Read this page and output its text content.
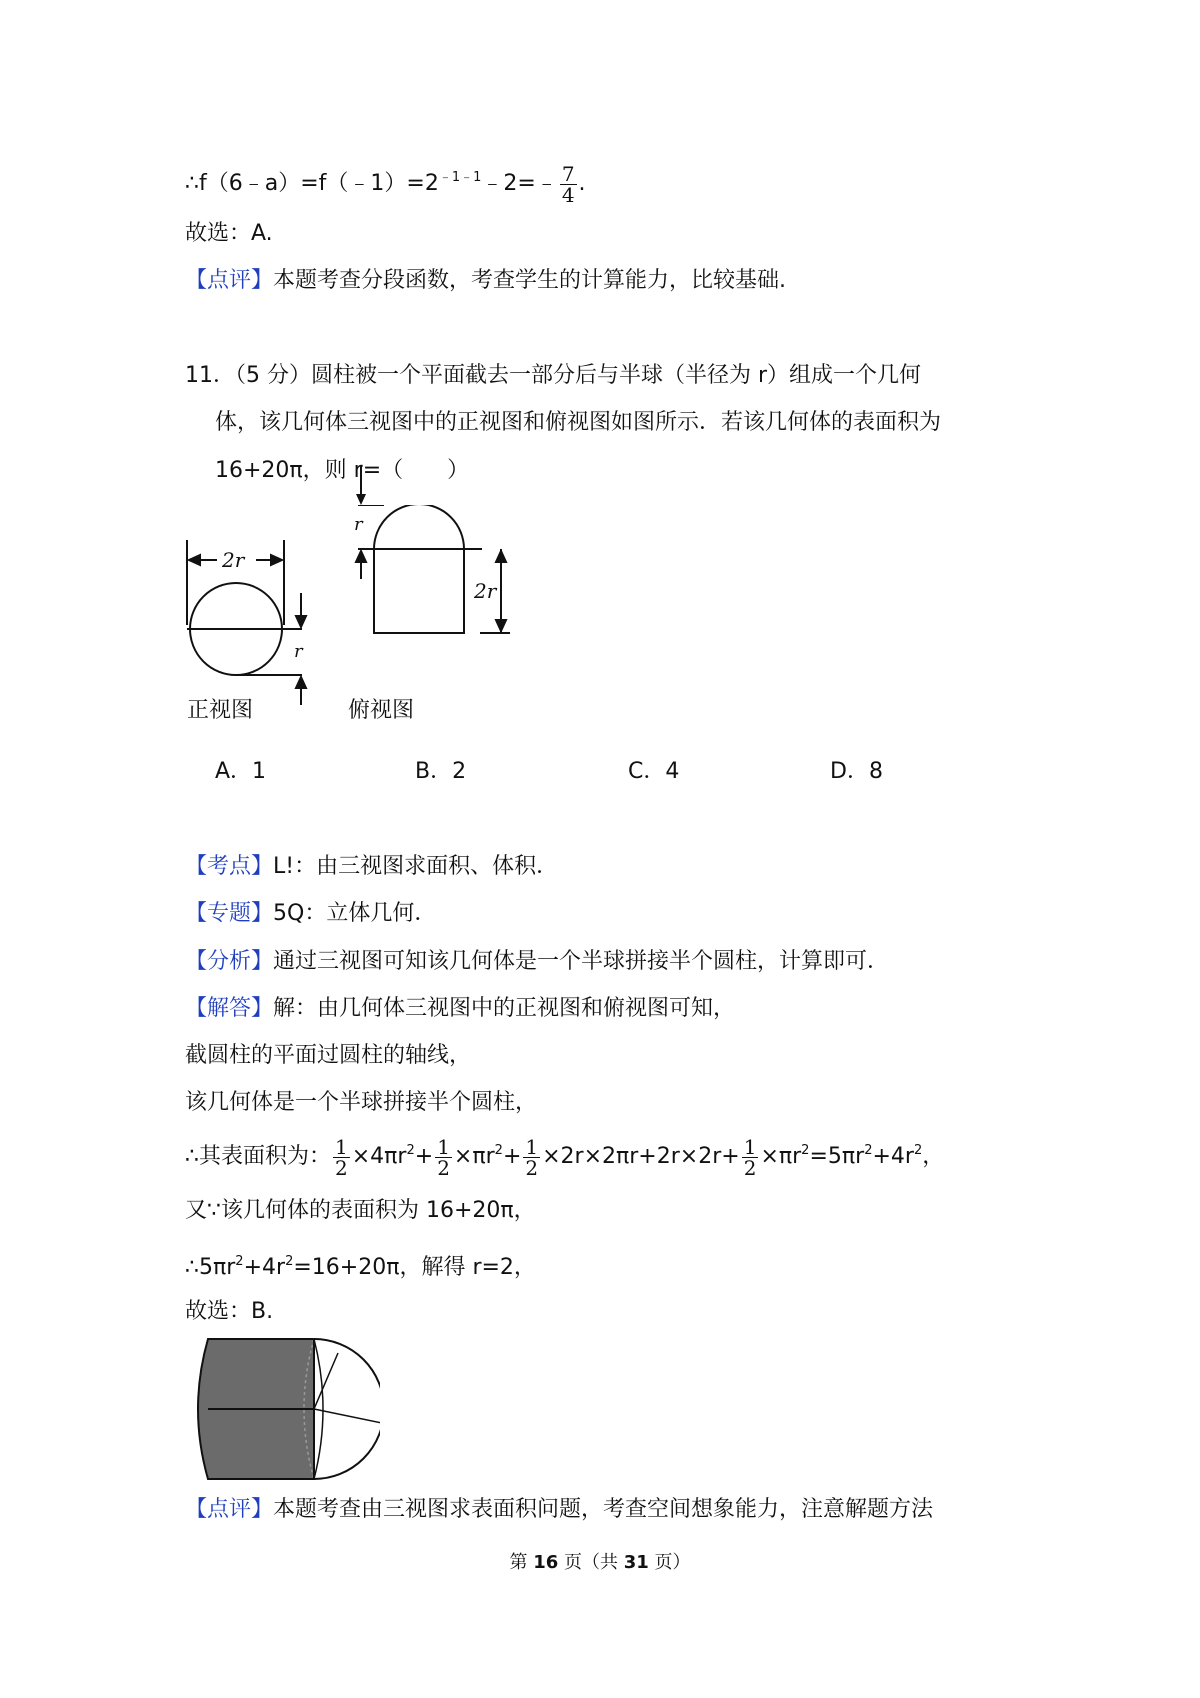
$\therefore f(6﹣a)=f(﹣1)=2^{﹣1﹣1}﹣2=﹣ \frac{7}{4}$ .
故选：A.
【点评】本题考查分段函数，考查学生的计算能力，比较基础.
11．（5 分）圆柱被一个平面截去一部分后与半球（半径为 r）组成一个几何
体，该几何体三视图中的正视图和俯视图如图所示．若该几何体的表面积为
16+20π，则 r=（　　）
2r
r
r
2r
正视图	俯视图
A．1	B．2	C．4	D．8
【考点】L!：由三视图求面积、体积．
【专题】5Q：立体几何．
【分析】通过三视图可知该几何体是一个半球拼接半个圆柱，计算即可．
【解答】解：由几何体三视图中的正视图和俯视图可知，
截圆柱的平面过圆柱的轴线，
该几何体是一个半球拼接半个圆柱，
∴其表面积为： $\frac{1}{2} \times 4\pi r^2+ \frac{1}{2} \times\pi r^2+ \frac{1}{2} \times 2r\times 2\pi r+2r\times 2r+ \frac{1}{2} \times\pi r^2=5\pi r^2+4r^2$，
又∵该几何体的表面积为 16+20π，
$\therefore 5\pi r^2+4r^2=16+20\pi$，解得 r=2，
故选：B.
【点评】本题考查由三视图求表面积问题，考查空间想象能力，注意解题方法
第 16 页（共 31 页）
